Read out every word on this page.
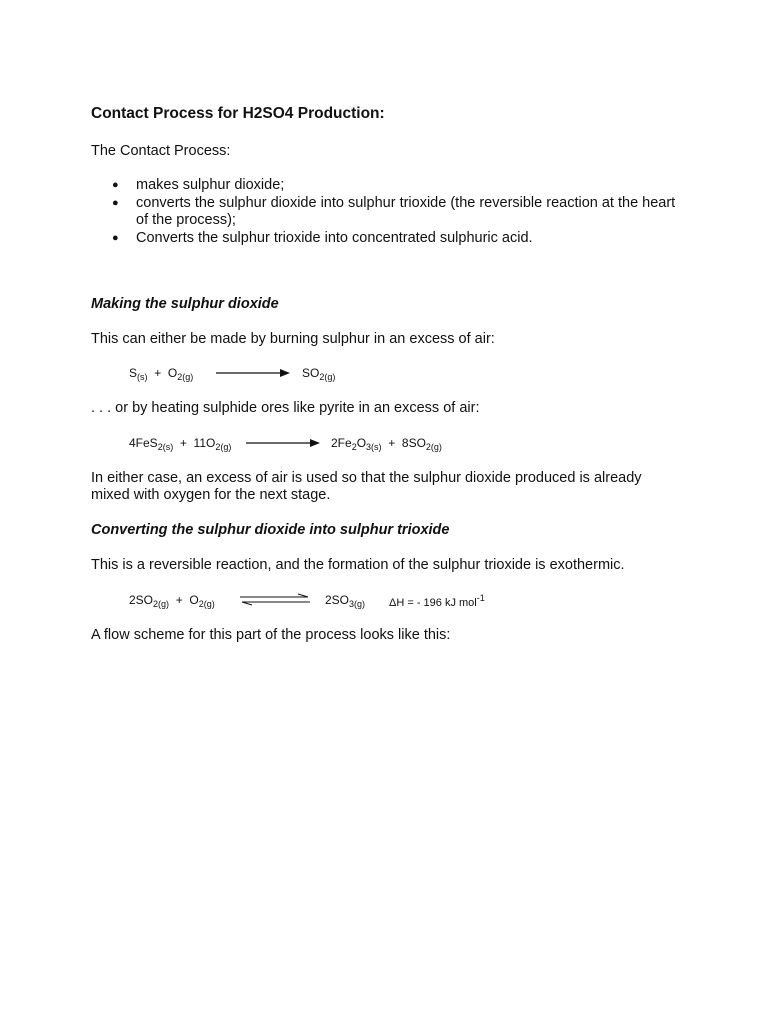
Contact Process for H2SO4 Production:
The Contact Process:
● makes sulphur dioxide;
● converts the sulphur dioxide into sulphur trioxide (the reversible reaction at the heart of the process);
● Converts the sulphur trioxide into concentrated sulphuric acid.
Making the sulphur dioxide
This can either be made by burning sulphur in an excess of air:
$S_{(s)} + O_{2(g)}$	$SO_{2(g)}$
. . . or by heating sulphide ores like pyrite in an excess of air:
$4FeS_{2(s)} + 11O_{2(g)}$	$2Fe_2O_{3(s)} + 8SO_{2(g)}$
In either case, an excess of air is used so that the sulphur dioxide produced is already mixed with oxygen for the next stage.
Converting the sulphur dioxide into sulphur trioxide
This is a reversible reaction, and the formation of the sulphur trioxide is exothermic.
$2SO_{2(g)} + O_{2(g)}$	$2SO_{3(g)}$ ΔH = - 196 kJ mol$^{-1}$
A flow scheme for this part of the process looks like this:
